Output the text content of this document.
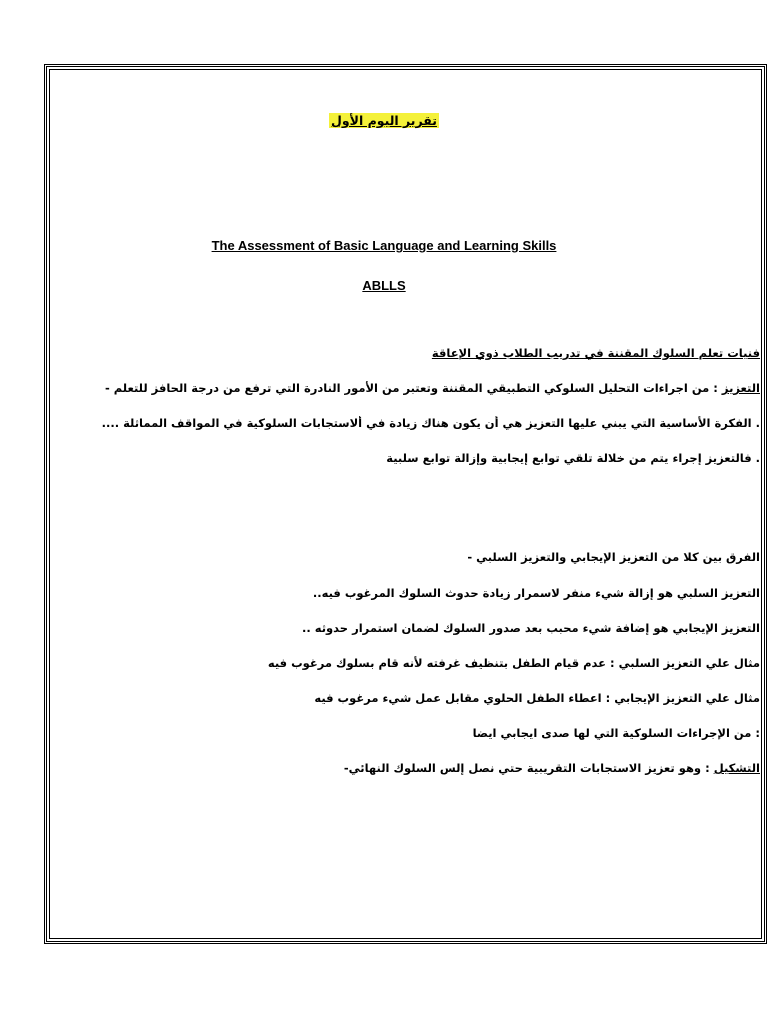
تقرير اليوم الأول
The Assessment of Basic Language and Learning Skills
ABLLS
فنيات تعلم السلوك المقننة في تدريب الطلاب ذوي الإعاقة
التعزيز : من اجراءات التحليل السلوكي التطبيقي المقننة وتعتبر من الأمور النادرة التي ترفع من درجة الحافز للتعلم -
. الفكرة الأساسية التي يبني عليها التعزيز هي أن يكون هناك زيادة في ألاستجابات السلوكية في المواقف المماثلة ....
. فالتعزيز إجراء يتم من خلالة تلقي توابع إيجابية وإزالة توابع سلبية
الفرق بين كلا من التعزيز الإيجابي والتعزيز السلبي -
التعزيز السلبي هو إزالة شيء منفر لاسمرار زيادة حدوث السلوك المرغوب فيه..
التعزيز الإيجابي هو إضافة شيء محبب بعد صدور السلوك لضمان استمرار حدوثه ..
مثال علي التعزيز السلبي : عدم قيام الطفل بتنظيف غرفته لأنه قام بسلوك مرغوب فيه
مثال علي التعزيز الإيجابي : اعطاء الطفل الحلوي مقابل عمل شيء مرغوب فيه
: من الإجراءات السلوكية التي لها صدى ايجابي ايضا
التشكيل : وهو تعزيز الاستجابات التقريبية حتي نصل إلس السلوك النهائي-
